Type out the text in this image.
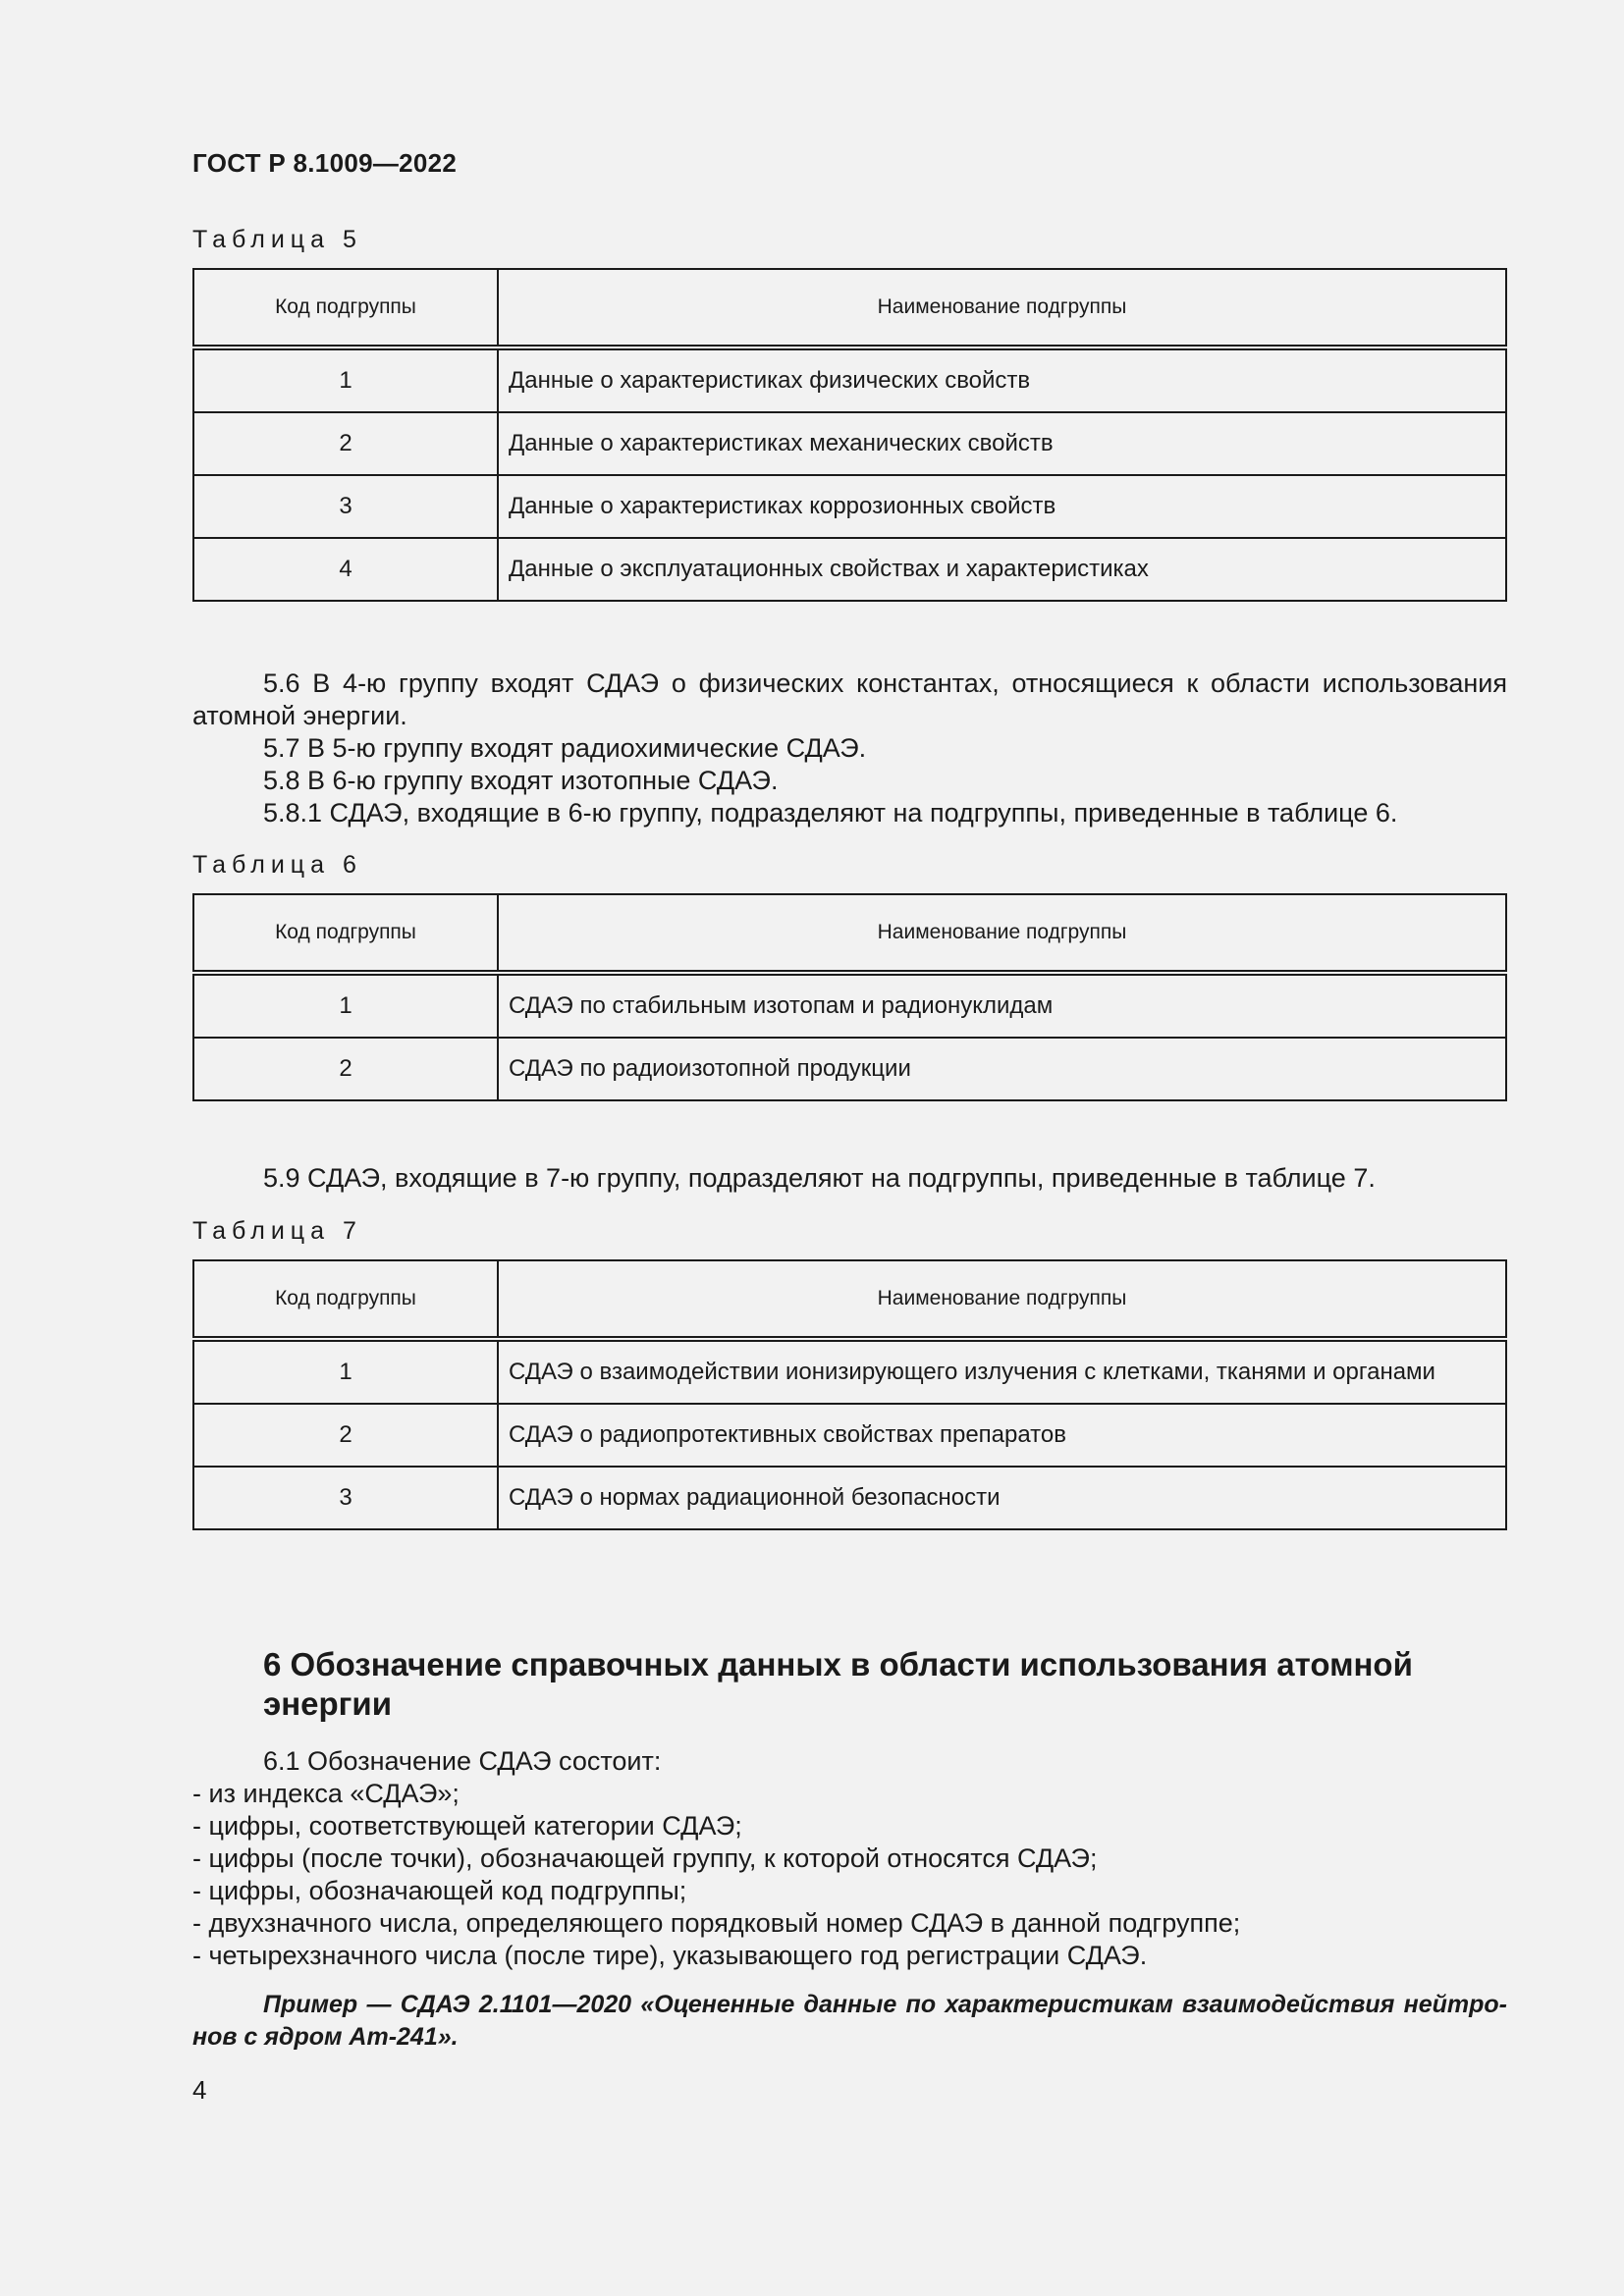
ГОСТ Р 8.1009—2022
Таблица 5
Код подгруппы	Наименование подгруппы
1	Данные о характеристиках физических свойств
2	Данные о характеристиках механических свойств
3	Данные о характеристиках коррозионных свойств
4	Данные о эксплуатационных свойствах и характеристиках

5.6 В 4-ю группу входят СДАЭ о физических константах, относящиеся к области использования атомной энергии.

5.7 В 5-ю группу входят радиохимические СДАЭ.

5.8 В 6-ю группу входят изотопные СДАЭ.

5.8.1 СДАЭ, входящие в 6-ю группу, подразделяют на подгруппы, приведенные в таблице 6.

Таблица 6
Код подгруппы	Наименование подгруппы
1	СДАЭ по стабильным изотопам и радионуклидам
2	СДАЭ по радиоизотопной продукции

5.9 СДАЭ, входящие в 7-ю группу, подразделяют на подгруппы, приведенные в таблице 7.

Таблица 7
Код подгруппы	Наименование подгруппы
1	СДАЭ о взаимодействии ионизирующего излучения с клетками, тканями и органами
2	СДАЭ о радиопротективных свойствах препаратов
3	СДАЭ о нормах радиационной безопасности
6 Обозначение справочных данных в области использования атомной энергии

6.1 Обозначение СДАЭ состоит:

- из индекса «СДАЭ»;

- цифры, соответствующей категории СДАЭ;

- цифры (после точки), обозначающей группу, к которой относятся СДАЭ;

- цифры, обозначающей код подгруппы;

- двухзначного числа, определяющего порядковый номер СДАЭ в данной подгруппе;

- четырехзначного числа (после тире), указывающего год регистрации СДАЭ.

Пример — СДАЭ 2.1101—2020 «Оцененные данные по характеристикам взаимодействия нейтро-нов с ядром Am-241».
4
